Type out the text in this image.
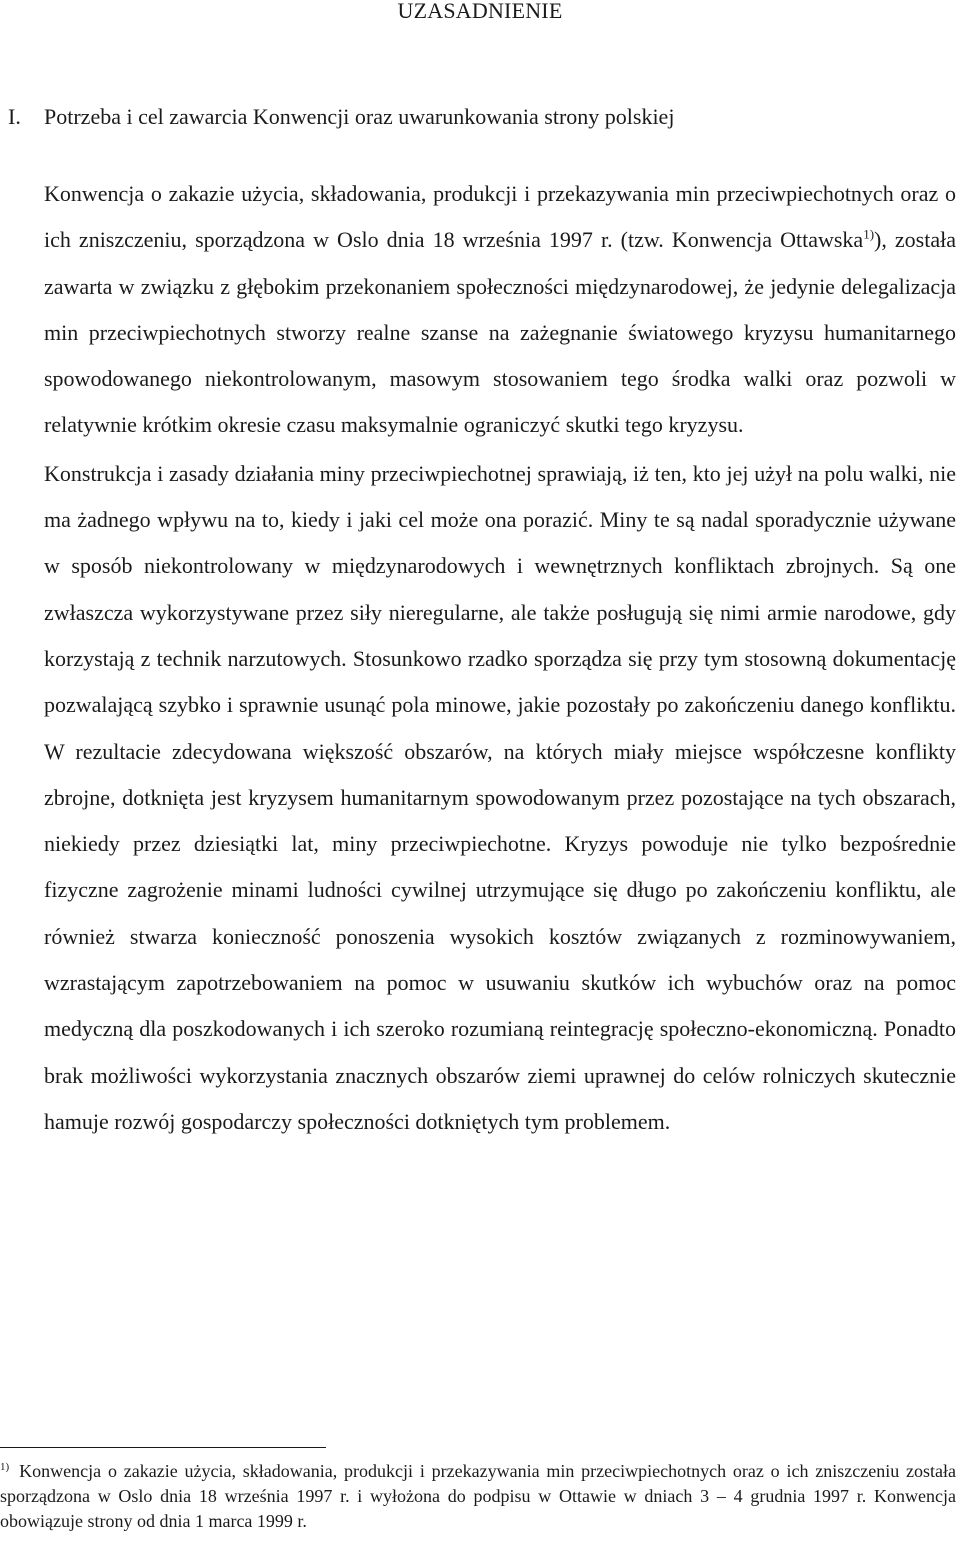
UZASADNIENIE
I. Potrzeba i cel zawarcia Konwencji oraz uwarunkowania strony polskiej

Konwencja o zakazie użycia, składowania, produkcji i przekazywania min przeciwpiechotnych oraz o ich zniszczeniu, sporządzona w Oslo dnia 18 września 1997 r. (tzw. Konwencja Ottawska$^{1)}$), została zawarta w związku z głębokim przekonaniem społeczności międzynarodowej, że jedynie delegalizacja min przeciwpiechotnych stworzy realne szanse na zażegnanie światowego kryzysu humanitarnego spowodowanego niekontrolowanym, masowym stosowaniem tego środka walki oraz pozwoli w relatywnie krótkim okresie czasu maksymalnie ograniczyć skutki tego kryzysu.

Konstrukcja i zasady działania miny przeciwpiechotnej sprawiają, iż ten, kto jej użył na polu walki, nie ma żadnego wpływu na to, kiedy i jaki cel może ona porazić. Miny te są nadal sporadycznie używane w sposób niekontrolowany w międzynarodowych i wewnętrznych konfliktach zbrojnych. Są one zwłaszcza wykorzystywane przez siły nieregularne, ale także posługują się nimi armie narodowe, gdy korzystają z technik narzutowych. Stosunkowo rzadko sporządza się przy tym stosowną dokumentację pozwalającą szybko i sprawnie usunąć pola minowe, jakie pozostały po zakończeniu danego konfliktu. W rezultacie zdecydowana większość obszarów, na których miały miejsce współczesne konflikty zbrojne, dotknięta jest kryzysem humanitarnym spowodowanym przez pozostające na tych obszarach, niekiedy przez dziesiątki lat, miny przeciwpiechotne. Kryzys powoduje nie tylko bezpośrednie fizyczne zagrożenie minami ludności cywilnej utrzymujące się długo po zakończeniu konfliktu, ale również stwarza konieczność ponoszenia wysokich kosztów związanych z rozminowywaniem, wzrastającym zapotrzebowaniem na pomoc w usuwaniu skutków ich wybuchów oraz na pomoc medyczną dla poszkodowanych i ich szeroko rozumianą reintegrację społeczno-ekonomiczną. Ponadto brak możliwości wykorzystania znacznych obszarów ziemi uprawnej do celów rolniczych skutecznie hamuje rozwój gospodarczy społeczności dotkniętych tym problemem.

$^{1)}$ Konwencja o zakazie użycia, składowania, produkcji i przekazywania min przeciwpiechotnych oraz o ich zniszczeniu została sporządzona w Oslo dnia 18 września 1997 r. i wyłożona do podpisu w Ottawie w dniach 3 – 4 grudnia 1997 r. Konwencja obowiązuje strony od dnia 1 marca 1999 r.
